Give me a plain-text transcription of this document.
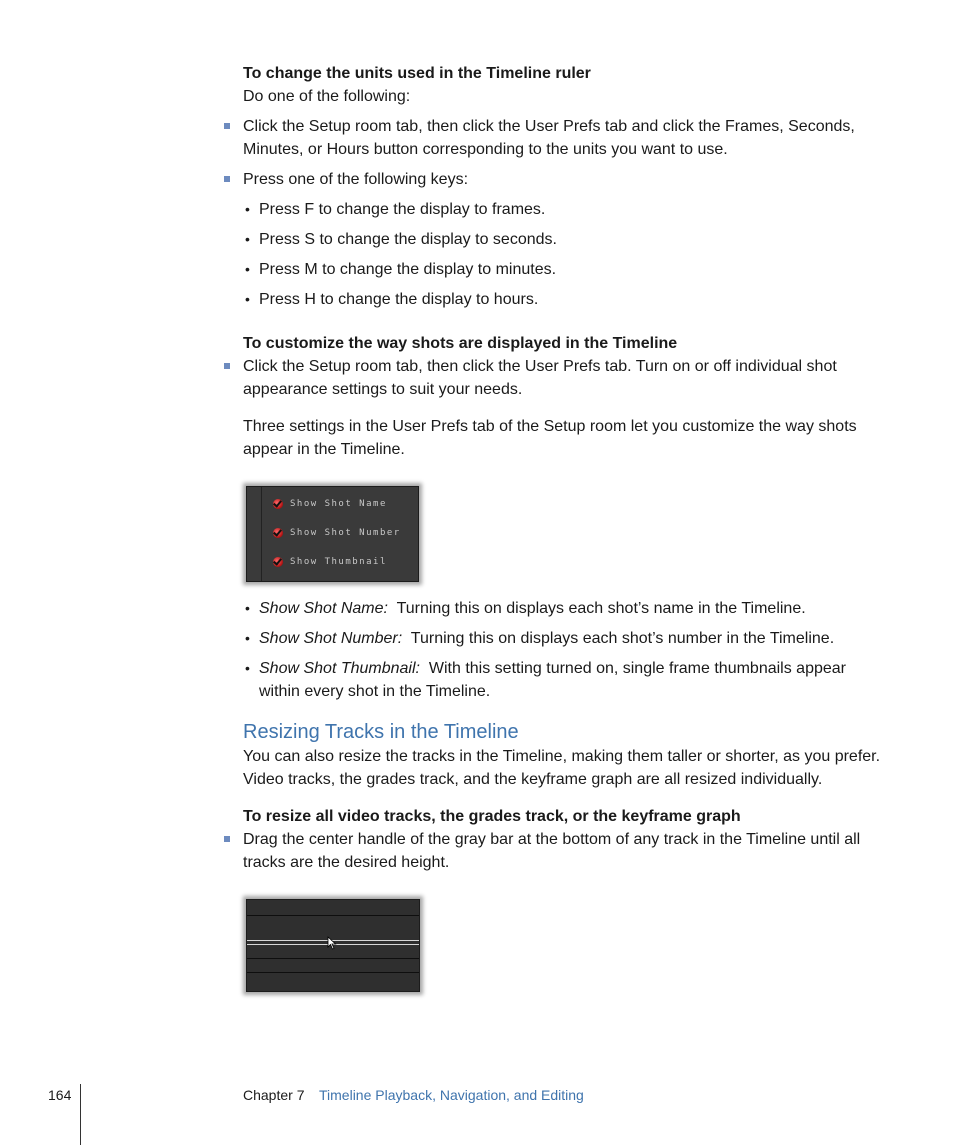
To change the units used in the Timeline ruler
Do one of the following:
Click the Setup room tab, then click the User Prefs tab and click the Frames, Seconds, Minutes, or Hours button corresponding to the units you want to use.
Press one of the following keys:
• Press F to change the display to frames.
• Press S to change the display to seconds.
• Press M to change the display to minutes.
• Press H to change the display to hours.
To customize the way shots are displayed in the Timeline
Click the Setup room tab, then click the User Prefs tab. Turn on or off individual shot appearance settings to suit your needs.
Three settings in the User Prefs tab of the Setup room let you customize the way shots appear in the Timeline.
Show Shot Name
Show Shot Number
Show Thumbnail
• Show Shot Name: Turning this on displays each shot’s name in the Timeline.
• Show Shot Number: Turning this on displays each shot’s number in the Timeline.
• Show Shot Thumbnail: With this setting turned on, single frame thumbnails appear within every shot in the Timeline.
Resizing Tracks in the Timeline
You can also resize the tracks in the Timeline, making them taller or shorter, as you prefer. Video tracks, the grades track, and the keyframe graph are all resized individually.
To resize all video tracks, the grades track, or the keyframe graph
Drag the center handle of the gray bar at the bottom of any track in the Timeline until all tracks are the desired height.
164	Chapter 7 Timeline Playback, Navigation, and Editing
